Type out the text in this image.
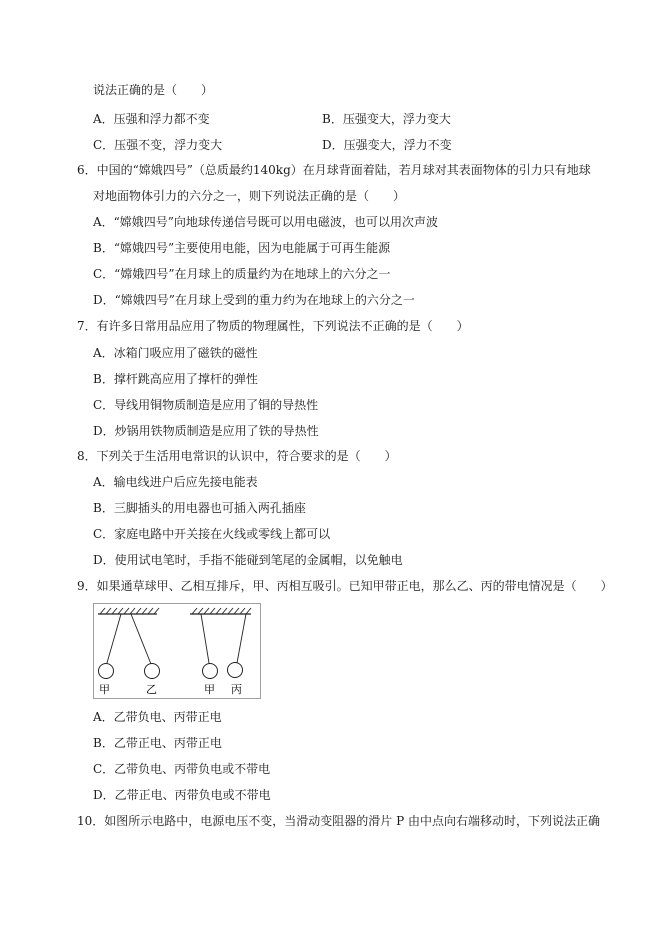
说法正确的是（　　）
A．压强和浮力都不变	B．压强变大，浮力变大
C．压强不变，浮力变大	D．压强变大，浮力不变
6．中国的“嫦娥四号”（总质最约140kg）在月球背面着陆，若月球对其表面物体的引力只有地球
对地面物体引力的六分之一，则下列说法正确的是（　　）
A．“嫦娥四号”向地球传递信号既可以用电磁波，也可以用次声波
B．“嫦娥四号”主要使用电能，因为电能属于可再生能源
C．“嫦娥四号”在月球上的质量约为在地球上的六分之一
D．“嫦娥四号”在月球上受到的重力约为在地球上的六分之一
7．有许多日常用品应用了物质的物理属性，下列说法不正确的是（　　）
A．冰箱门吸应用了磁铁的磁性
B．撑杆跳高应用了撑杆的弹性
C．导线用铜物质制造是应用了铜的导热性
D．炒锅用铁物质制造是应用了铁的导热性
8．下列关于生活用电常识的认识中，符合要求的是（　　）
A．输电线进户后应先接电能表
B．三脚插头的用电器也可插入两孔插座
C．家庭电路中开关接在火线或零线上都可以
D．使用试电笔时，手指不能碰到笔尾的金属帽，以免触电
9．如果通草球甲、乙相互排斥，甲、丙相互吸引。已知甲带正电，那么乙、丙的带电情况是（　　）
甲	乙	甲 丙
A．乙带负电、丙带正电
B．乙带正电、丙带正电
C．乙带负电、丙带负电或不带电
D．乙带正电、丙带负电或不带电
10．如图所示电路中，电源电压不变，当滑动变阻器的滑片 P 由中点向右端移动时，下列说法正确
